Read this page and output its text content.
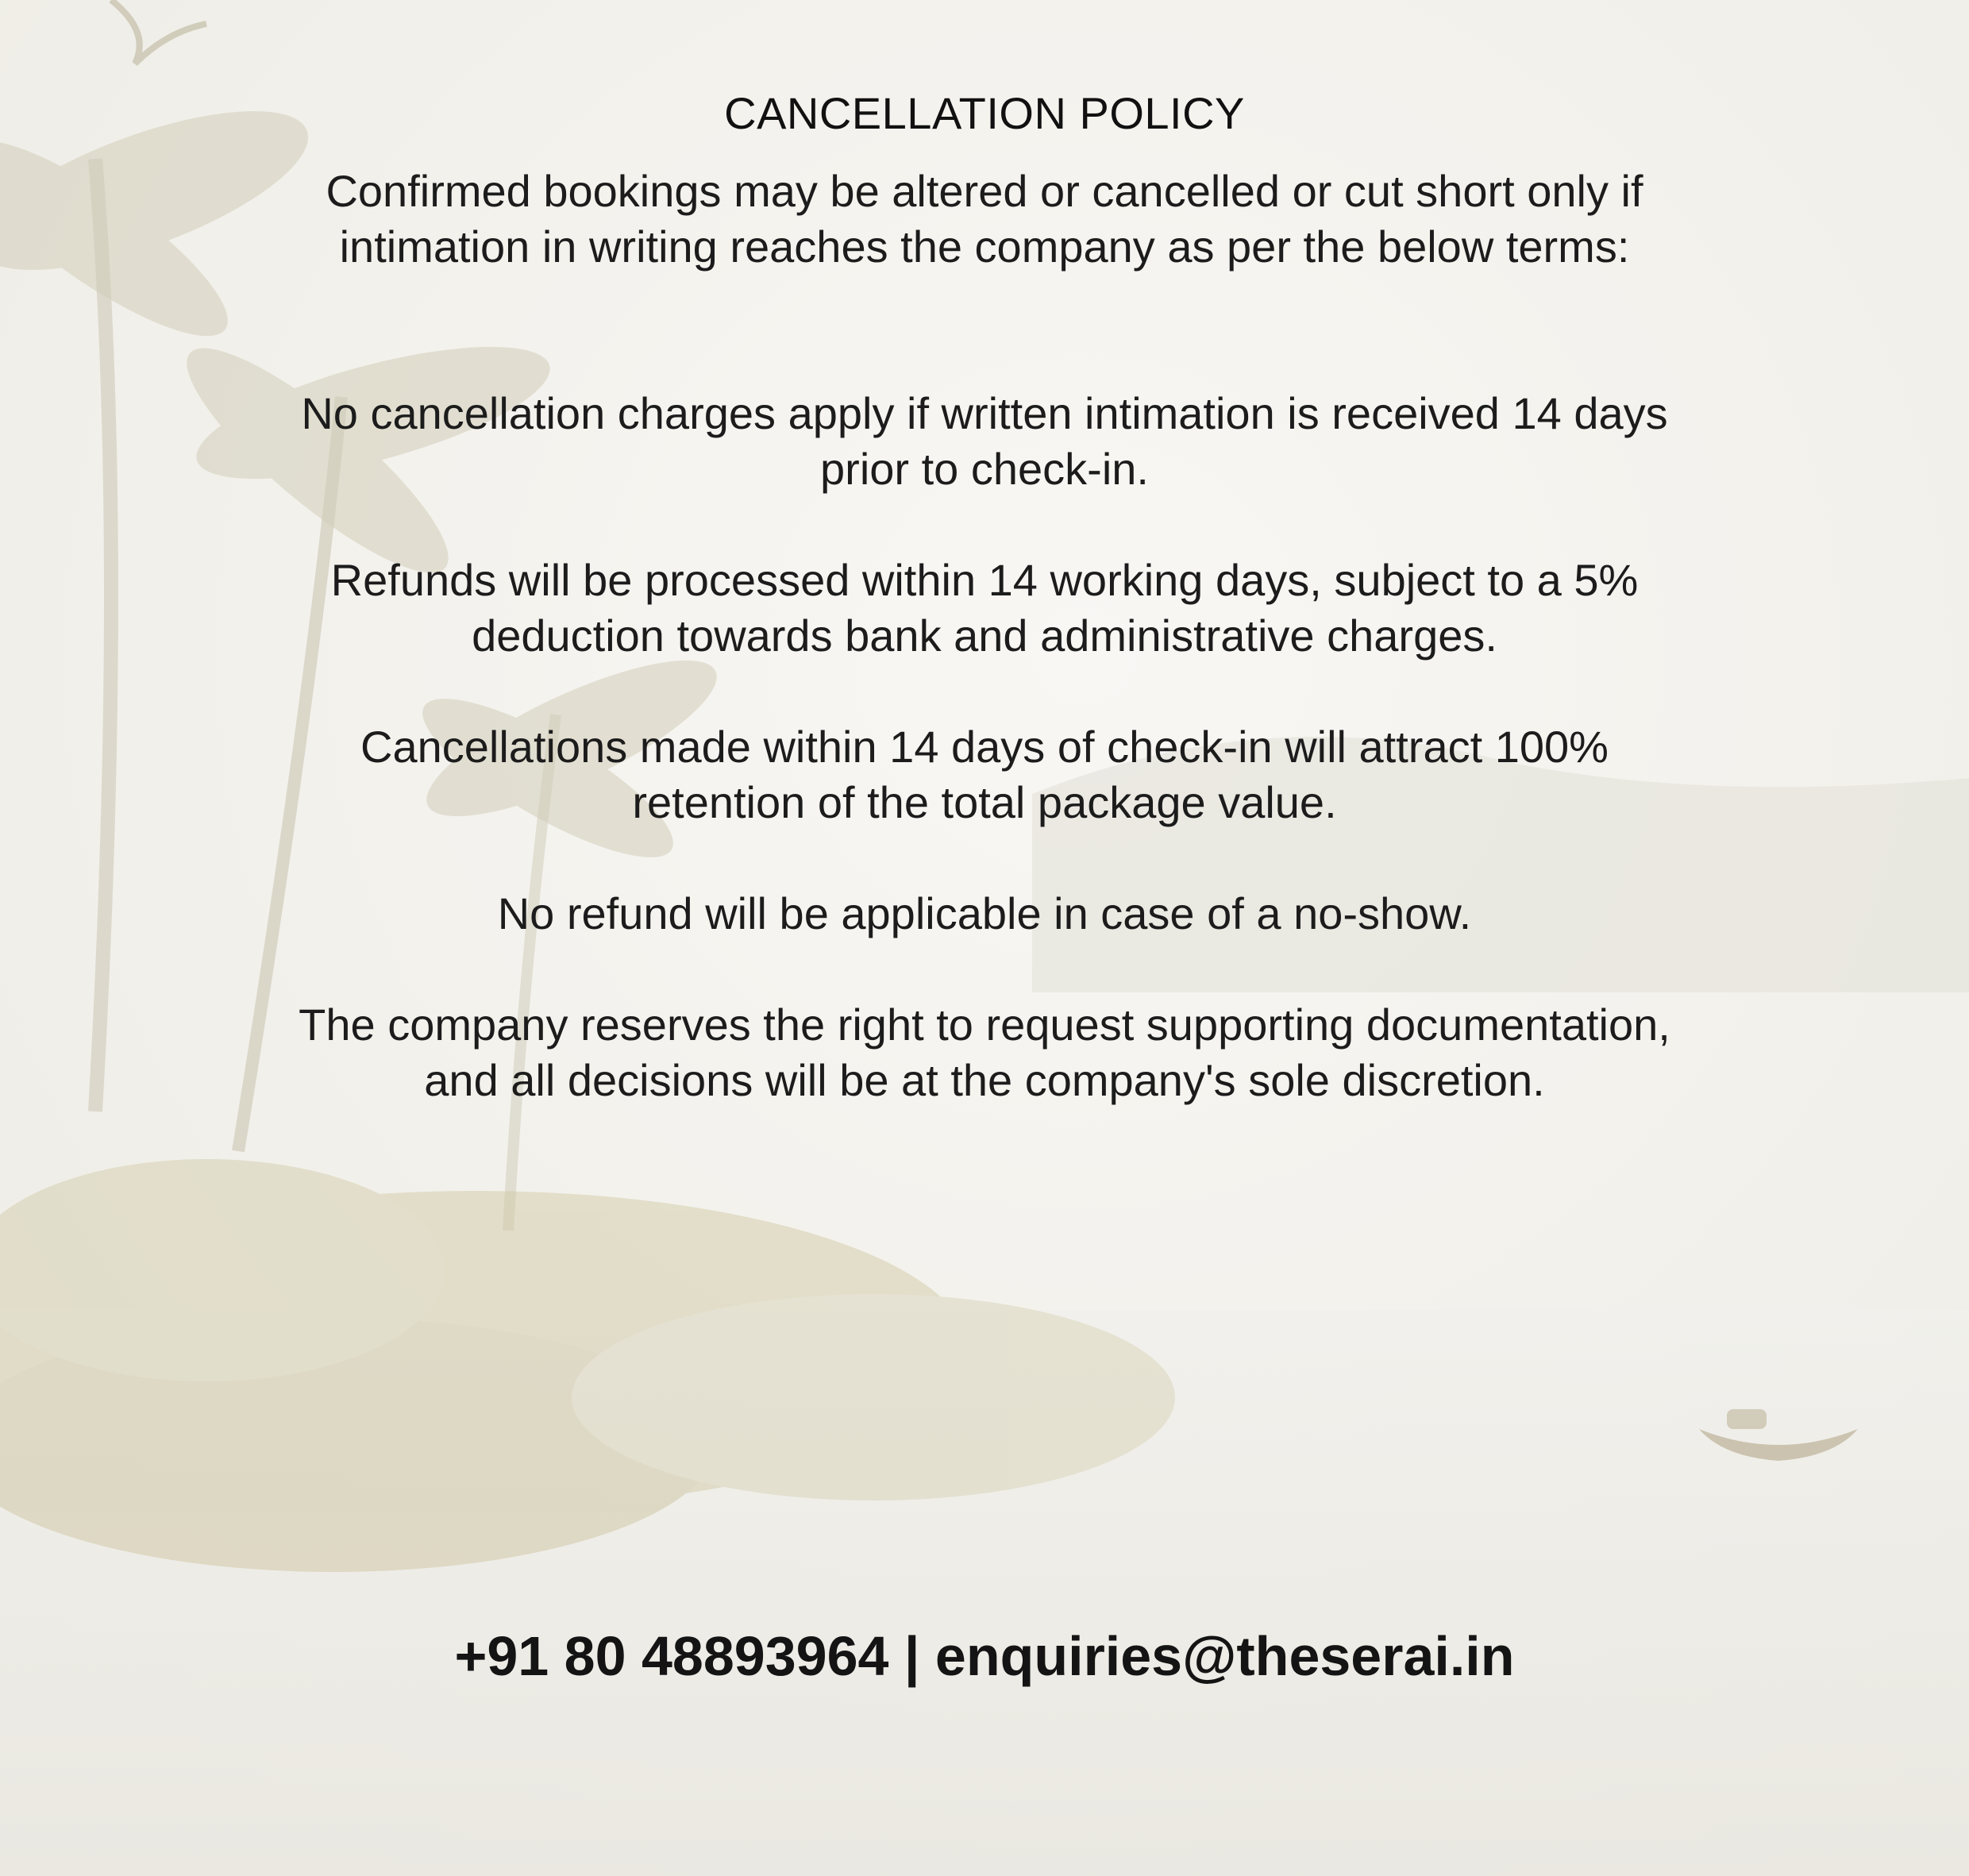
CANCELLATION POLICY

Confirmed bookings may be altered or cancelled or cut short only if intimation in writing reaches the company as per the below terms:

No cancellation charges apply if written intimation is received 14 days prior to check-in.

Refunds will be processed within 14 working days, subject to a 5% deduction towards bank and administrative charges.

Cancellations made within 14 days of check-in will attract 100% retention of the total package value.

No refund will be applicable in case of a no-show.

The company reserves the right to request supporting documentation, and all decisions will be at the company's sole discretion.

+91 80 48893964 | enquiries@theserai.in
